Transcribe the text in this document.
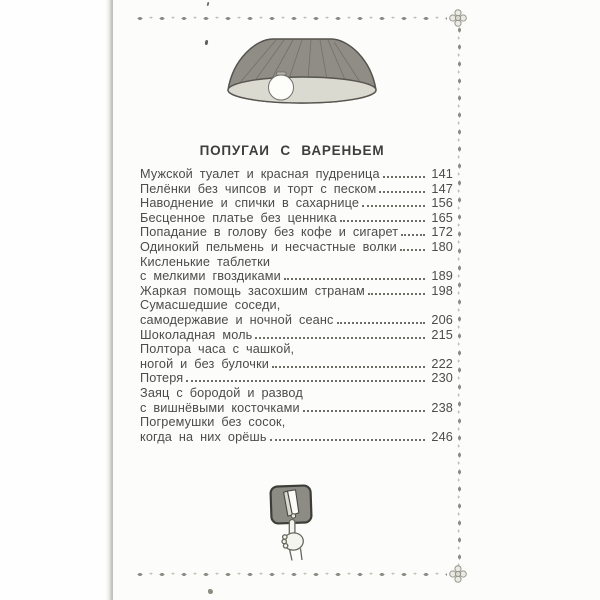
ПОПУГАИ С ВАРЕНЬЕМ
Мужской туалет и красная пудреница	141
Пелёнки без чипсов и торт с песком	147
Наводнение и спички в сахарнице	156
Бесценное платье без ценника	165
Попадание в голову без кофе и сигарет	172
Одинокий пельмень и несчастные волки	180
Кисленькие таблетки
с мелкими гвоздиками	189
Жаркая помощь засохшим странам	198
Сумасшедшие соседи,
самодержавие и ночной сеанс	206
Шоколадная моль	215
Полтора часа с чашкой,
ногой и без булочки	222
Потеря	230
Заяц с бородой и развод
с вишнёвыми косточками	238
Погремушки без сосок,
когда на них орёшь	246
